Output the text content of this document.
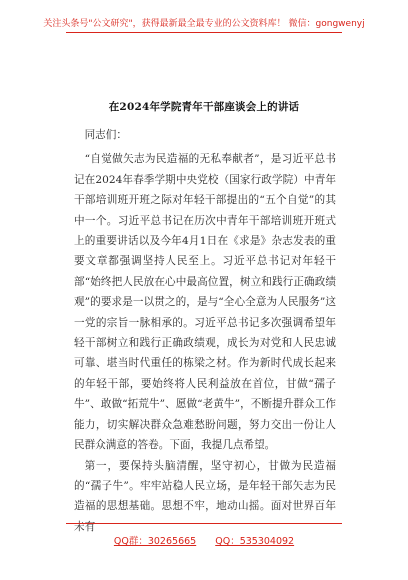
关注头条号"公文研究"，获得最新最全最专业的公文资料库！ 微信：gongwenyj
在2024年学院青年干部座谈会上的讲话

同志们：

“自觉做矢志为民造福的无私奉献者”，是习近平总书记在2024年春季学期中央党校（国家行政学院）中青年干部培训班开班之际对年轻干部提出的“五个自觉”的其中一个。习近平总书记在历次中青年干部培训班开班式上的重要讲话以及今年4月1日在《求是》杂志发表的重要文章都强调坚持人民至上。习近平总书记对年轻干部“始终把人民放在心中最高位置，树立和践行正确政绩观”的要求是一以贯之的，是与“全心全意为人民服务”这一党的宗旨一脉相承的。习近平总书记多次强调希望年轻干部树立和践行正确政绩观，成长为对党和人民忠诚可靠、堪当时代重任的栋梁之材。作为新时代成长起来的年轻干部，要始终将人民利益放在首位，甘做“孺子牛”、敢做“拓荒牛”、愿做“老黄牛”，不断提升群众工作能力，切实解决群众急难愁盼问题，努力交出一份让人民群众满意的答卷。下面，我提几点希望。

第一，要保持头脑清醒，坚守初心，甘做为民造福的“孺子牛”。牢牢站稳人民立场，是年轻干部矢志为民造福的思想基础。思想不牢，地动山摇。面对世界百年未有

QQ群：30265665 QQ：535304092
